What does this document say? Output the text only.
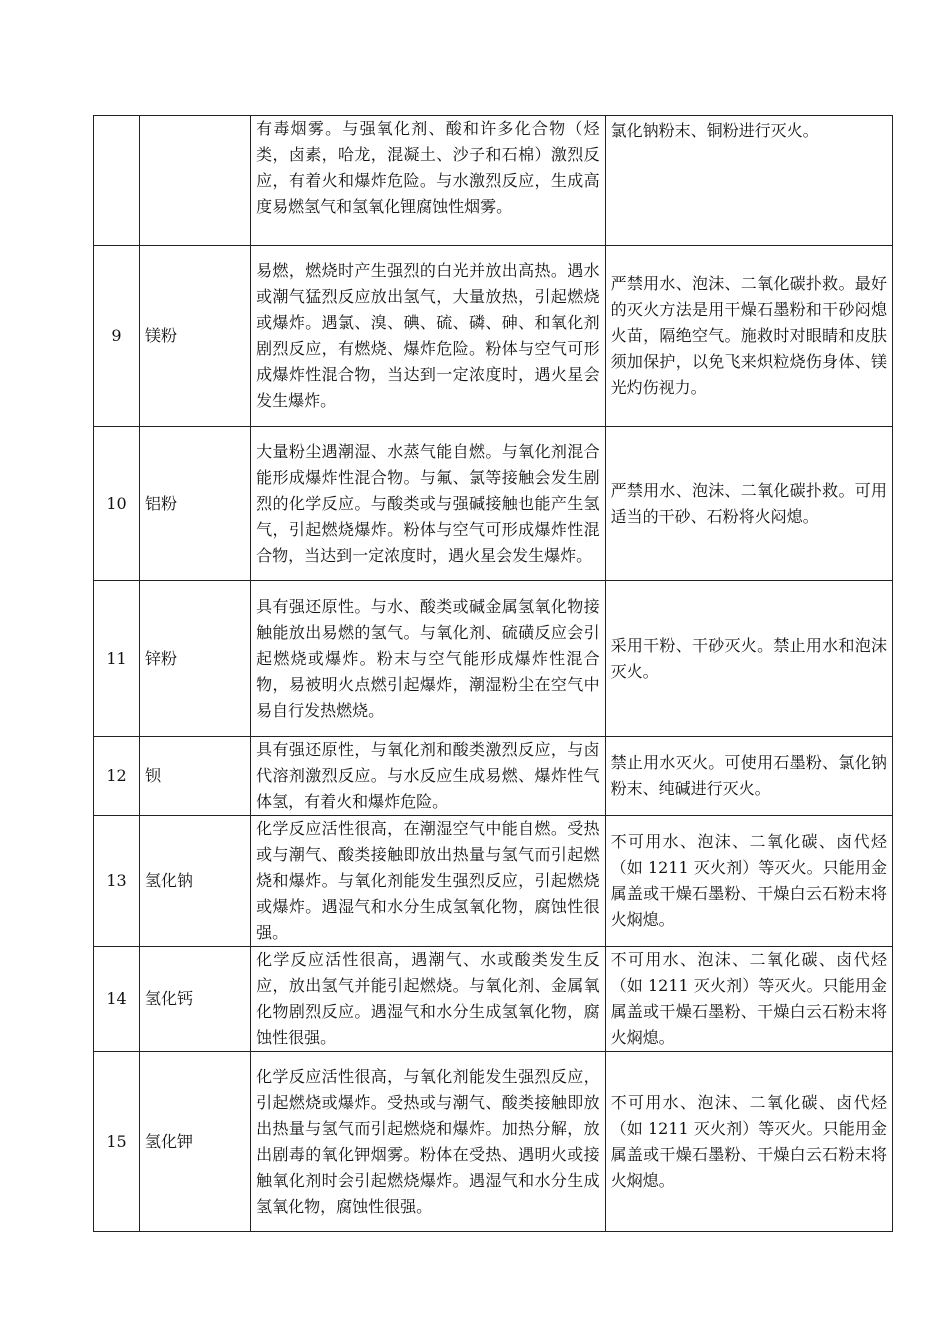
		有毒烟雾。与强氧化剂、酸和许多化合物（烃类，卤素，哈龙，混凝土、沙子和石棉）激烈反应，有着火和爆炸危险。与水激烈反应，生成高度易燃氢气和氢氧化锂腐蚀性烟雾。	氯化钠粉末、铜粉进行灭火。
9	镁粉	易燃，燃烧时产生强烈的白光并放出高热。遇水或潮气猛烈反应放出氢气，大量放热，引起燃烧或爆炸。遇氯、溴、碘、硫、磷、砷、和氧化剂剧烈反应，有燃烧、爆炸危险。粉体与空气可形成爆炸性混合物，当达到一定浓度时，遇火星会发生爆炸。	严禁用水、泡沫、二氧化碳扑救。最好的灭火方法是用干燥石墨粉和干砂闷熄火苗，隔绝空气。施救时对眼睛和皮肤须加保护，以免飞来炽粒烧伤身体、镁光灼伤视力。
10	铝粉	大量粉尘遇潮湿、水蒸气能自燃。与氧化剂混合能形成爆炸性混合物。与氟、氯等接触会发生剧烈的化学反应。与酸类或与强碱接触也能产生氢气，引起燃烧爆炸。粉体与空气可形成爆炸性混合物，当达到一定浓度时，遇火星会发生爆炸。	严禁用水、泡沫、二氧化碳扑救。可用适当的干砂、石粉将火闷熄。
11	锌粉	具有强还原性。与水、酸类或碱金属氢氧化物接触能放出易燃的氢气。与氧化剂、硫磺反应会引起燃烧或爆炸。粉末与空气能形成爆炸性混合物，易被明火点燃引起爆炸，潮湿粉尘在空气中易自行发热燃烧。	采用干粉、干砂灭火。禁止用水和泡沫灭火。
12	钡	具有强还原性，与氧化剂和酸类激烈反应，与卤代溶剂激烈反应。与水反应生成易燃、爆炸性气体氢，有着火和爆炸危险。	禁止用水灭火。可使用石墨粉、氯化钠粉末、纯碱进行灭火。
13	氢化钠	化学反应活性很高，在潮湿空气中能自燃。受热或与潮气、酸类接触即放出热量与氢气而引起燃烧和爆炸。与氧化剂能发生强烈反应，引起燃烧或爆炸。遇湿气和水分生成氢氧化物，腐蚀性很强。	不可用水、泡沫、二氧化碳、卤代烃（如 1211 灭火剂）等灭火。只能用金属盖或干燥石墨粉、干燥白云石粉末将火焖熄。
14	氢化钙	化学反应活性很高，遇潮气、水或酸类发生反应，放出氢气并能引起燃烧。与氧化剂、金属氧化物剧烈反应。遇湿气和水分生成氢氧化物，腐蚀性很强。	不可用水、泡沫、二氧化碳、卤代烃（如 1211 灭火剂）等灭火。只能用金属盖或干燥石墨粉、干燥白云石粉末将火焖熄。
15	氢化钾	化学反应活性很高，与氧化剂能发生强烈反应，引起燃烧或爆炸。受热或与潮气、酸类接触即放出热量与氢气而引起燃烧和爆炸。加热分解，放出剧毒的氧化钾烟雾。粉体在受热、遇明火或接触氧化剂时会引起燃烧爆炸。遇湿气和水分生成氢氧化物，腐蚀性很强。	不可用水、泡沫、二氧化碳、卤代烃（如 1211 灭火剂）等灭火。只能用金属盖或干燥石墨粉、干燥白云石粉末将火焖熄。
